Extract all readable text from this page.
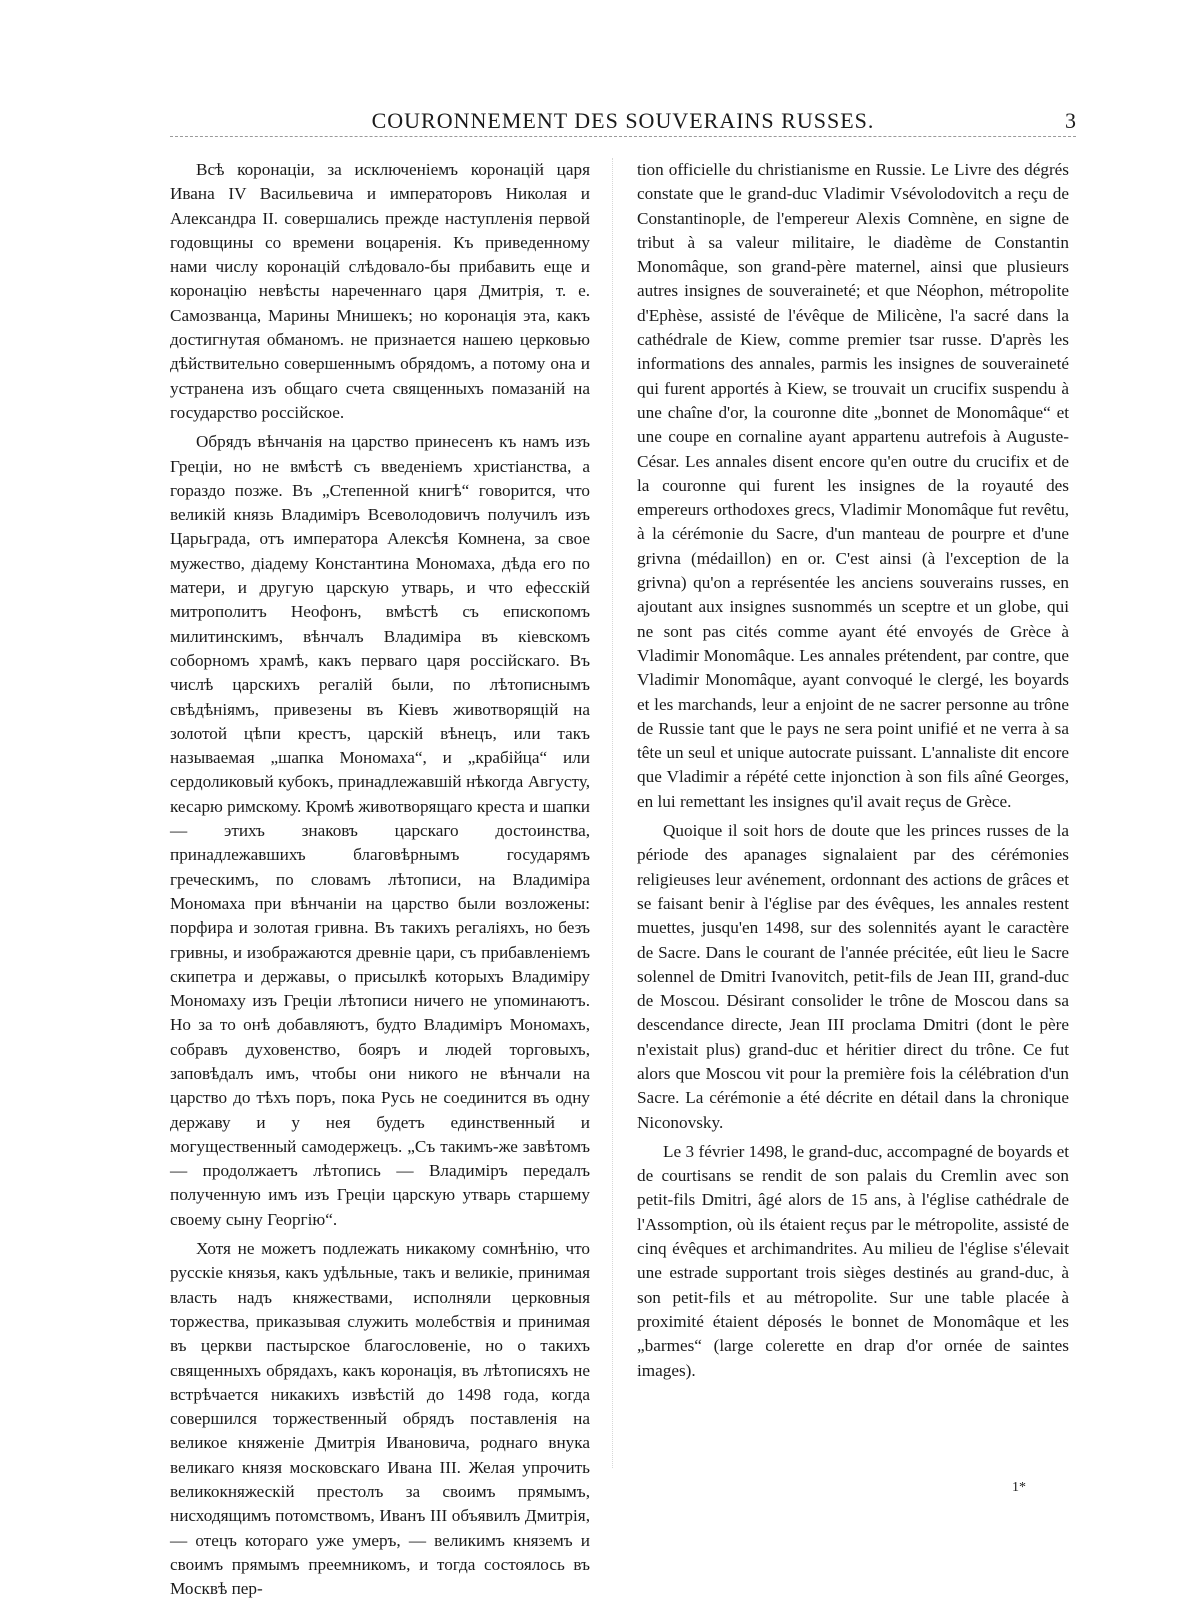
COURONNEMENT DES SOUVERAINS RUSSES.	3

Всѣ коронаціи, за исключеніемъ коронацій царя Ивана IV Васильевича и императоровъ Николая и Александра II. совершались прежде наступленія первой годовщины со времени воцаренія. Къ приведенному нами числу коронацій слѣдовало-бы прибавить еще и коронацію невѣсты нареченнаго царя Дмитрія, т. е. Самозванца, Марины Мнишекъ; но коронація эта, какъ достигнутая обманомъ. не признается нашею церковью дѣйствительно совершеннымъ обрядомъ, а потому она и устранена изъ общаго счета священныхъ помазаній на государство россійское.

Обрядъ вѣнчанія на царство принесенъ къ намъ изъ Греціи, но не вмѣстѣ съ введеніемъ христіанства, а гораздо позже. Въ „Степенной книгѣ“ говорится, что великій князь Владиміръ Всеволодовичъ получилъ изъ Царьграда, отъ императора Алексѣя Комнена, за свое мужество, діадему Константина Мономаха, дѣда его по матери, и другую царскую утварь, и что ефесскій митрополитъ Неофонъ, вмѣстѣ съ епископомъ милитинскимъ, вѣнчалъ Владиміра въ кіевскомъ соборномъ храмѣ, какъ перваго царя россійскаго. Въ числѣ царскихъ регалій были, по лѣтописнымъ свѣдѣніямъ, привезены въ Кіевъ животворящій на золотой цѣпи крестъ, царскій вѣнецъ, или такъ называемая „шапка Мономаха“, и „крабійца“ или сердоликовый кубокъ, принадлежавшій нѣкогда Августу, кесарю римскому. Кромѣ животворящаго креста и шапки — этихъ знаковъ царскаго достоинства, принадлежавшихъ благовѣрнымъ государямъ греческимъ, по словамъ лѣтописи, на Владиміра Мономаха при вѣнчаніи на царство были возложены: порфира и золотая гривна. Въ такихъ регаліяхъ, но безъ гривны, и изображаются древніе цари, съ прибавленіемъ скипетра и державы, о присылкѣ которыхъ Владиміру Мономаху изъ Греціи лѣтописи ничего не упоминаютъ. Но за то онѣ добавляютъ, будто Владиміръ Мономахъ, собравъ духовенство, бояръ и людей торговыхъ, заповѣдалъ имъ, чтобы они никого не вѣнчали на царство до тѣхъ поръ, пока Русь не соединится въ одну державу и у нея будетъ единственный и могущественный самодержецъ. „Съ такимъ-же завѣтомъ — продолжаетъ лѣтопись — Владиміръ передалъ полученную имъ изъ Греціи царскую утварь старшему своему сыну Георгію“.

Хотя не можетъ подлежать никакому сомнѣнію, что русскіе князья, какъ удѣльные, такъ и великіе, принимая власть надъ княжествами, исполняли церковныя торжества, приказывая служить молебствія и принимая въ церкви пастырское благословеніе, но о такихъ священныхъ обрядахъ, какъ коронація, въ лѣтописяхъ не встрѣчается никакихъ извѣстій до 1498 года, когда совершился торжественный обрядъ поставленія на великое княженіе Дмитрія Ивановича, роднаго внука великаго князя московскаго Ивана III. Желая упрочить великокняжескій престолъ за своимъ прямымъ, нисходящимъ потомствомъ, Иванъ III объявилъ Дмитрія, — отецъ котораго уже умеръ, — великимъ княземъ и своимъ прямымъ преемникомъ, и тогда состоялось въ Москвѣ пер-

tion officielle du christianisme en Russie. Le Livre des dégrés constate que le grand-duc Vladimir Vsévolodovitch a reçu de Constantinople, de l'empereur Alexis Comnène, en signe de tribut à sa valeur militaire, le diadème de Constantin Monomâque, son grand-père maternel, ainsi que plusieurs autres insignes de souveraineté; et que Néophon, métropolite d'Ephèse, assisté de l'évêque de Milicène, l'a sacré dans la cathédrale de Kiew, comme premier tsar russe. D'après les informations des annales, parmis les insignes de souveraineté qui furent apportés à Kiew, se trouvait un crucifix suspendu à une chaîne d'or, la couronne dite „bonnet de Monomâque“ et une coupe en cornaline ayant appartenu autrefois à Auguste-César. Les annales disent encore qu'en outre du crucifix et de la couronne qui furent les insignes de la royauté des empereurs orthodoxes grecs, Vladimir Monomâque fut revêtu, à la cérémonie du Sacre, d'un manteau de pourpre et d'une grivna (médaillon) en or. C'est ainsi (à l'exception de la grivna) qu'on a représentée les anciens souverains russes, en ajoutant aux insignes susnommés un sceptre et un globe, qui ne sont pas cités comme ayant été envoyés de Grèce à Vladimir Monomâque. Les annales prétendent, par contre, que Vladimir Monomâque, ayant convoqué le clergé, les boyards et les marchands, leur a enjoint de ne sacrer personne au trône de Russie tant que le pays ne sera point unifié et ne verra à sa tête un seul et unique autocrate puissant. L'annaliste dit encore que Vladimir a répété cette injonction à son fils aîné Georges, en lui remettant les insignes qu'il avait reçus de Grèce.

Quoique il soit hors de doute que les princes russes de la période des apanages signalaient par des cérémonies religieuses leur avénement, ordonnant des actions de grâces et se faisant benir à l'église par des évêques, les annales restent muettes, jusqu'en 1498, sur des solennités ayant le caractère de Sacre. Dans le courant de l'année précitée, eût lieu le Sacre solennel de Dmitri Ivanovitch, petit-fils de Jean III, grand-duc de Moscou. Désirant consolider le trône de Moscou dans sa descendance directe, Jean III proclama Dmitri (dont le père n'existait plus) grand-duc et héritier direct du trône. Ce fut alors que Moscou vit pour la première fois la célébration d'un Sacre. La cérémonie a été décrite en détail dans la chronique Niconovsky.

Le 3 février 1498, le grand-duc, accompagné de boyards et de courtisans se rendit de son palais du Cremlin avec son petit-fils Dmitri, âgé alors de 15 ans, à l'église cathédrale de l'Assomption, où ils étaient reçus par le métropolite, assisté de cinq évêques et archimandrites. Au milieu de l'église s'élevait une estrade supportant trois sièges destinés au grand-duc, à son petit-fils et au métropolite. Sur une table placée à proximité étaient déposés le bonnet de Monomâque et les „barmes“ (large colerette en drap d'or ornée de saintes images).

1*
